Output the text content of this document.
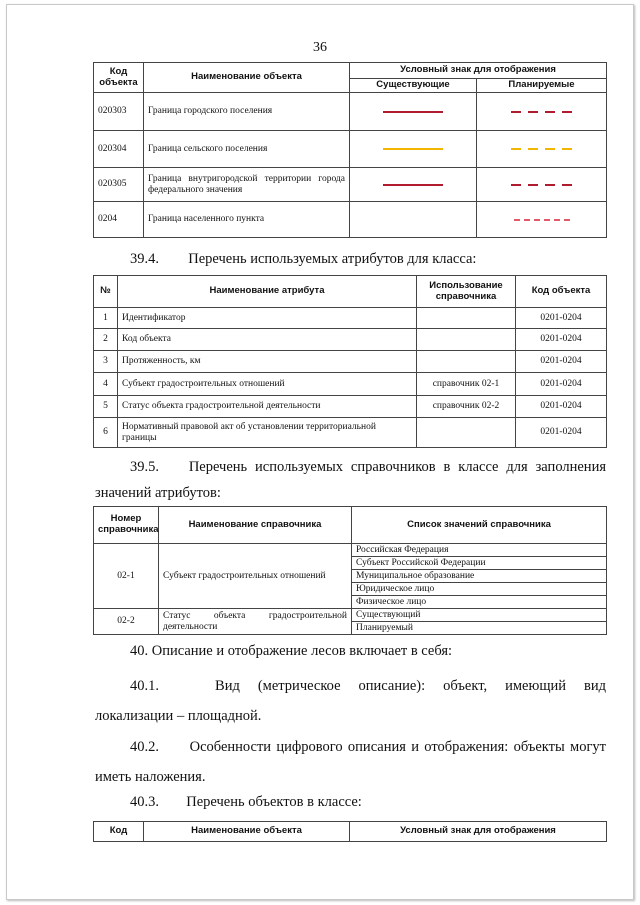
36
Код объекта	Наименование объекта	Условный знак для отображения	
		Существующие	Планируемые
020303	Граница городского поселения	

020304	Граница сельского поселения	

020305	Граница внутригородской территории города федерального значения	

0204	Граница населенного пункта		
39.4. Перечень используемых атрибутов для класса:
№	Наименование атрибута	Использование справочника	Код объекта
1	Идентификатор		0201-0204
2	Код объекта		0201-0204
3	Протяженность, км		0201-0204
4	Субъект градостроительных отношений	справочник 02-1	0201-0204
5	Статус объекта градостроительной деятельности	справочник 02-2	0201-0204
6	Нормативный правовой акт об установлении территориальной границы		0201-0204
39.5. Перечень используемых справочников в классе для заполнения
значений атрибутов:
Номер справочника	Наименование справочника	Список значений справочника
02-1	Субъект градостроительных отношений	Российская Федерация
		Субъект Российской Федерации
		Муниципальное образование
		Юридическое лицо
		Физическое лицо
02-2	Статус объекта градостроительной деятельности	Существующий
		Планируемый
40. Описание и отображение лесов включает в себя:
40.1.	Вид (метрическое описание): объект, имеющий вид
локализации – площадной.
40.2. Особенности цифрового описания и отображения: объекты могут
иметь наложения.
40.3. Перечень объектов в классе:
Код	Наименование объекта	Условный знак для отображения
